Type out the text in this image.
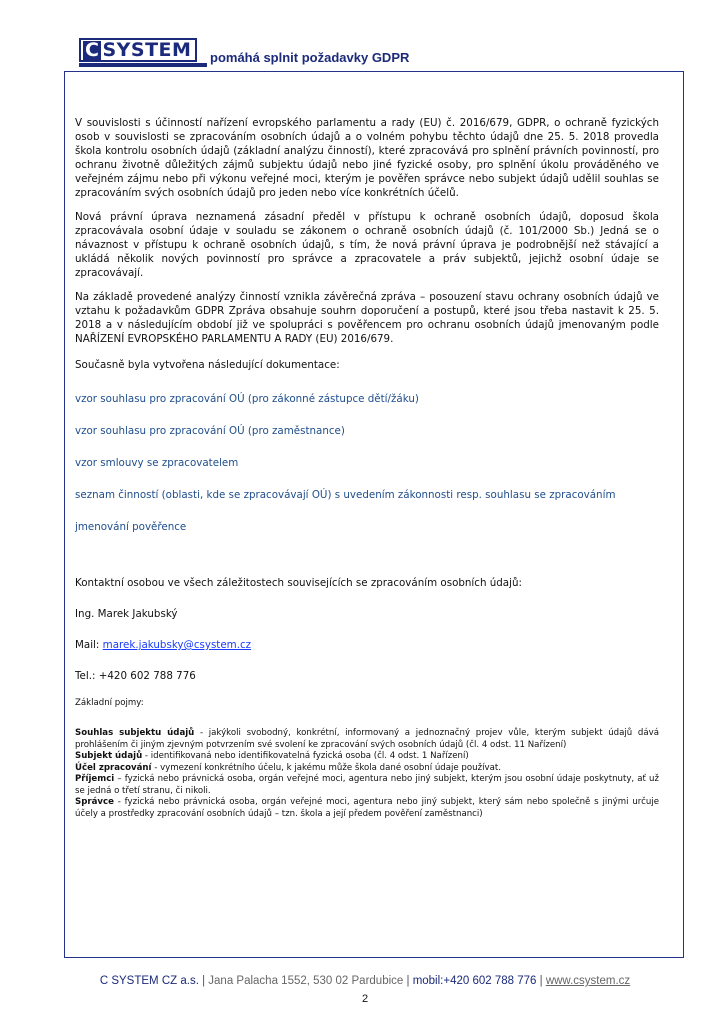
C SYSTEM pomáhá splnit požadavky GDPR

V souvislosti s účinností nařízení evropského parlamentu a rady (EU) č. 2016/679, GDPR, o ochraně fyzických osob v souvislosti se zpracováním osobních údajů a o volném pohybu těchto údajů dne 25. 5. 2018 provedla škola kontrolu osobních údajů (základní analýzu činností), které zpracovává pro splnění právních povinností, pro ochranu životně důležitých zájmů subjektu údajů nebo jiné fyzické osoby, pro splnění úkolu prováděného ve veřejném zájmu nebo při výkonu veřejné moci, kterým je pověřen správce nebo subjekt údajů udělil souhlas se zpracováním svých osobních údajů pro jeden nebo více konkrétních účelů.

Nová právní úprava neznamená zásadní předěl v přístupu k ochraně osobních údajů, doposud škola zpracovávala osobní údaje v souladu se zákonem o ochraně osobních údajů (č. 101/2000 Sb.) Jedná se o návaznost v přístupu k ochraně osobních údajů, s tím, že nová právní úprava je podrobnější než stávající a ukládá několik nových povinností pro správce a zpracovatele a práv subjektů, jejichž osobní údaje se zpracovávají.

Na základě provedené analýzy činností vznikla závěrečná zpráva – posouzení stavu ochrany osobních údajů ve vztahu k požadavkům GDPR Zpráva obsahuje souhrn doporučení a postupů, které jsou třeba nastavit k 25. 5. 2018 a v následujícím období již ve spolupráci s pověřencem pro ochranu osobních údajů jmenovaným podle NAŘÍZENÍ EVROPSKÉHO PARLAMENTU A RADY (EU) 2016/679.

Současně byla vytvořena následující dokumentace:

vzor souhlasu pro zpracování OÚ (pro zákonné zástupce dětí/žáku)
vzor souhlasu pro zpracování OÚ (pro zaměstnance)
vzor smlouvy se zpracovatelem
seznam činností (oblasti, kde se zpracovávají OÚ) s uvedením zákonnosti resp. souhlasu se zpracováním
jmenování pověřence

Kontaktní osobou ve všech záležitostech souvisejících se zpracováním osobních údajů:

Ing. Marek Jakubský

Mail: marek.jakubsky@csystem.cz

Tel.: +420 602 788 776

Základní pojmy:

Souhlas subjektu údajů - jakýkoli svobodný, konkrétní, informovaný a jednoznačný projev vůle, kterým subjekt údajů dává prohlášením či jiným zjevným potvrzením své svolení ke zpracování svých osobních údajů (čl. 4 odst. 11 Nařízení)

Subjekt údajů - identifikovaná nebo identifikovatelná fyzická osoba (čl. 4 odst. 1 Nařízení)

Účel zpracování - vymezení konkrétního účelu, k jakému může škola dané osobní údaje používat.

Příjemci – fyzická nebo právnická osoba, orgán veřejné moci, agentura nebo jiný subjekt, kterým jsou osobní údaje poskytnuty, ať už se jedná o třetí stranu, či nikoli.

Správce - fyzická nebo právnická osoba, orgán veřejné moci, agentura nebo jiný subjekt, který sám nebo společně s jinými určuje účely a prostředky zpracování osobních údajů – tzn. škola a její předem pověření zaměstnanci)

C SYSTEM CZ a.s. | Jana Palacha 1552, 530 02 Pardubice | mobil:+420 602 788 776 | www.csystem.cz
2
